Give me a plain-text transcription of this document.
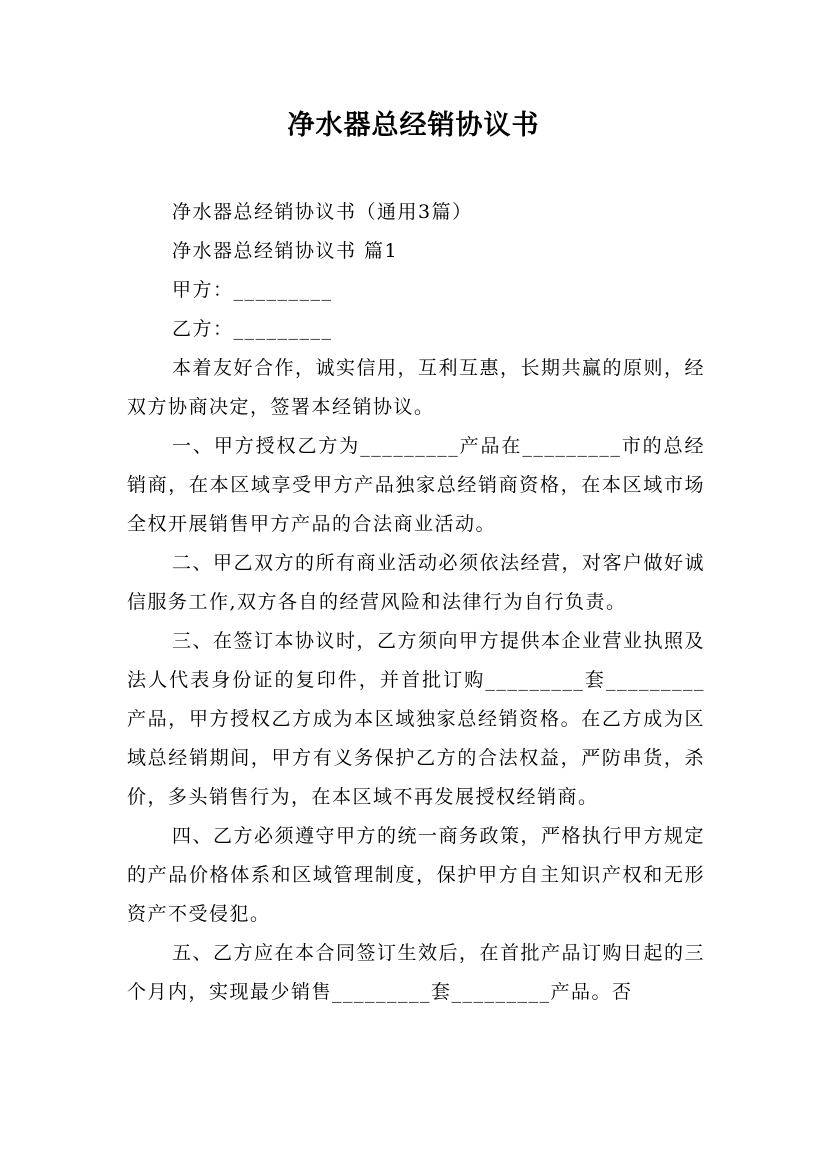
净水器总经销协议书

净水器总经销协议书（通用3篇）

净水器总经销协议书 篇1

甲方：_________

乙方：_________

本着友好合作，诚实信用，互利互惠，长期共赢的原则，经双方协商决定，签署本经销协议。

一、甲方授权乙方为_________产品在_________市的总经销商，在本区域享受甲方产品独家总经销商资格，在本区域市场全权开展销售甲方产品的合法商业活动。

二、甲乙双方的所有商业活动必须依法经营，对客户做好诚信服务工作,双方各自的经营风险和法律行为自行负责。

三、在签订本协议时，乙方须向甲方提供本企业营业执照及法人代表身份证的复印件，并首批订购_________套_________产品，甲方授权乙方成为本区域独家总经销资格。在乙方成为区域总经销期间，甲方有义务保护乙方的合法权益，严防串货，杀价，多头销售行为，在本区域不再发展授权经销商。

四、乙方必须遵守甲方的统一商务政策，严格执行甲方规定的产品价格体系和区域管理制度，保护甲方自主知识产权和无形资产不受侵犯。

五、乙方应在本合同签订生效后，在首批产品订购日起的三个月内，实现最少销售_________套_________产品。否
